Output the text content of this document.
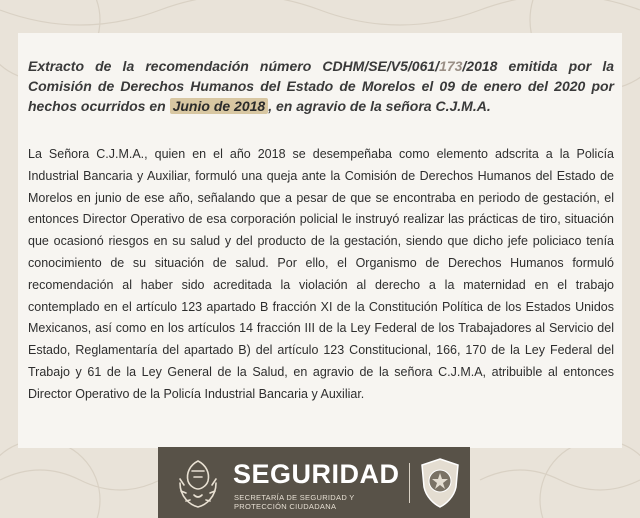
Extracto de la recomendación número CDHM/SE/V5/061/173/2018 emitida por la Comisión de Derechos Humanos del Estado de Morelos el 09 de enero del 2020 por hechos ocurridos en Junio de 2018 , en agravio de la señora C.J.M.A.

La Señora C.J.M.A., quien en el año 2018 se desempeñaba como elemento adscrita a la Policía Industrial Bancaria y Auxiliar, formuló una queja ante la Comisión de Derechos Humanos del Estado de Morelos en junio de ese año, señalando que a pesar de que se encontraba en periodo de gestación, el entonces Director Operativo de esa corporación policial le instruyó realizar las prácticas de tiro, situación que ocasionó riesgos en su salud y del producto de la gestación, siendo que dicho jefe policiaco tenía conocimiento de su situación de salud. Por ello, el Organismo de Derechos Humanos formuló recomendación al haber sido acreditada la violación al derecho a la maternidad en el trabajo contemplado en el artículo 123 apartado B fracción XI de la Constitución Política de los Estados Unidos Mexicanos, así como en los artículos 14 fracción III de la Ley Federal de los Trabajadores al Servicio del Estado, Reglamentaría del apartado B) del artículo 123 Constitucional, 166, 170 de la Ley Federal del Trabajo y 61 de la Ley General de la Salud, en agravio de la señora C.J.M.A, atribuible al entonces Director Operativo de la Policía Industrial Bancaria y Auxiliar.

SEGURIDAD
SECRETARÍA DE SEGURIDAD Y PROTECCIÓN CIUDADANA
